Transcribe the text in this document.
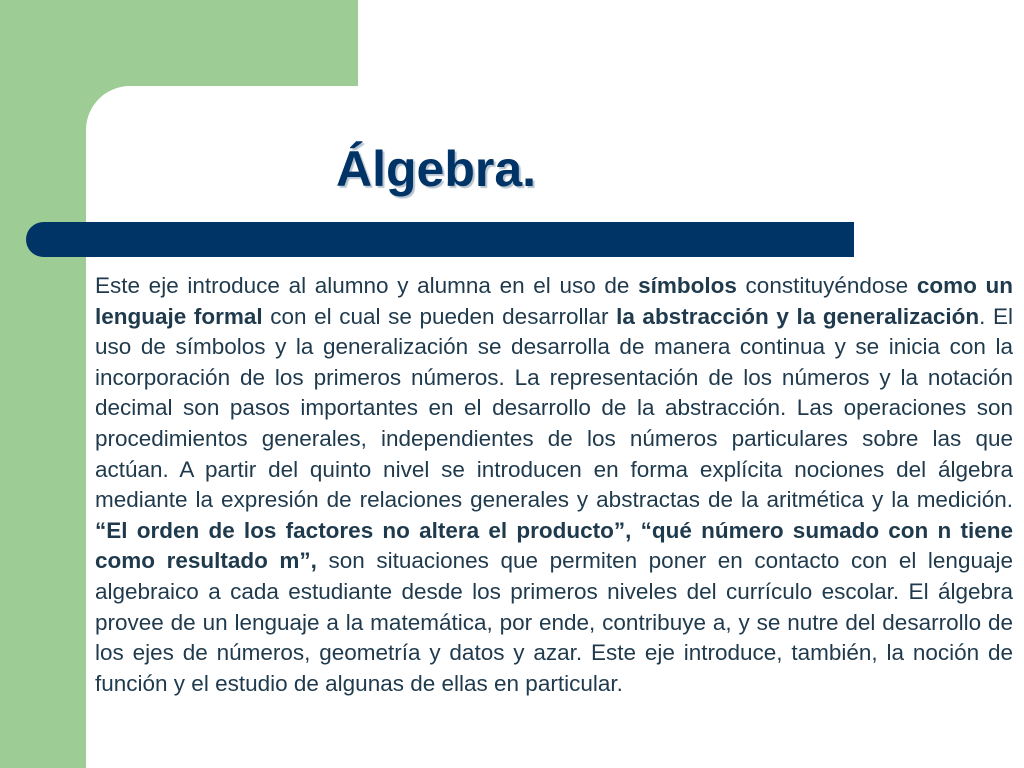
Álgebra.

Este eje introduce al alumno y alumna en el uso de símbolos constituyéndose como un lenguaje formal con el cual se pueden desarrollar la abstracción y la generalización. El uso de símbolos y la generalización se desarrolla de manera continua y se inicia con la incorporación de los primeros números. La representación de los números y la notación decimal son pasos importantes en el desarrollo de la abstracción. Las operaciones son procedimientos generales, independientes de los números particulares sobre las que actúan. A partir del quinto nivel se introducen en forma explícita nociones del álgebra mediante la expresión de relaciones generales y abstractas de la aritmética y la medición. “El orden de los factores no altera el producto”, “qué número sumado con n tiene como resultado m”, son situaciones que permiten poner en contacto con el lenguaje algebraico a cada estudiante desde los primeros niveles del currículo escolar. El álgebra provee de un lenguaje a la matemática, por ende, contribuye a, y se nutre del desarrollo de los ejes de números, geometría y datos y azar. Este eje introduce, también, la noción de función y el estudio de algunas de ellas en particular.
